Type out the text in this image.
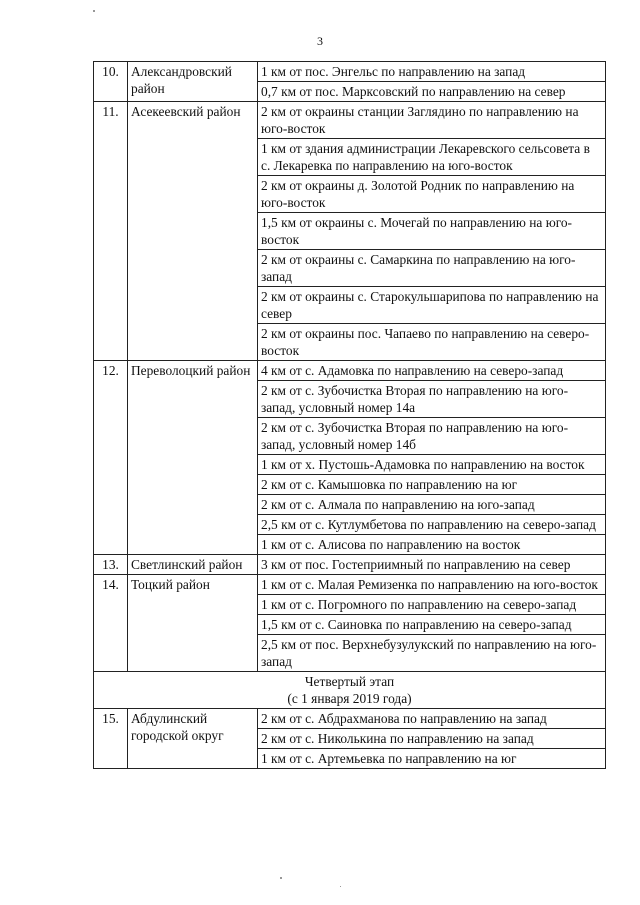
3
10.	Александровский район	1 км от пос. Энгельс по направлению на запад
		0,7 км от пос. Марксовский по направлению на север
11.	Асекеевский район	2 км от окраины станции Заглядино по направлению на юго-восток
		1 км от здания администрации Лекаревского сельсовета в с. Лекаревка по направлению на юго-восток
		2 км от окраины д. Золотой Родник по направлению на юго-восток
		1,5 км от окраины с. Мочегай по направлению на юго-восток
		2 км от окраины с. Самаркина по направлению на юго-запад
		2 км от окраины с. Старокульшарипова по направлению на север
		2 км от окраины пос. Чапаево по направлению на северо-восток
12.	Переволоцкий район	4 км от с. Адамовка по направлению на северо-запад
		2 км от с. Зубочистка Вторая по направлению на юго-запад, условный номер 14а
		2 км от с. Зубочистка Вторая по направлению на юго-запад, условный номер 14б
		1 км от х. Пустошь-Адамовка по направлению на восток
		2 км от с. Камышовка по направлению на юг
		2 км от с. Алмала по направлению на юго-запад
		2,5 км от с. Кутлумбетова по направлению на северо-запад
		1 км от с. Алисова по направлению на восток
13.	Светлинский район	3 км от пос. Гостеприимный по направлению на север
14.	Тоцкий район	1 км от с. Малая Ремизенка по направлению на юго-восток
		1 км от с. Погромного по направлению на северо-запад
		1,5 км от с. Саиновка по направлению на северо-запад
		2,5 км от пос. Верхнебузулукский по направлению на юго-запад

Четвертый этап
(с 1 января 2019 года)		

15.	Абдулинский городской округ	2 км от с. Абдрахманова по направлению на запад
		2 км от с. Николькина по направлению на запад
		1 км от с. Артемьевка по направлению на юг
